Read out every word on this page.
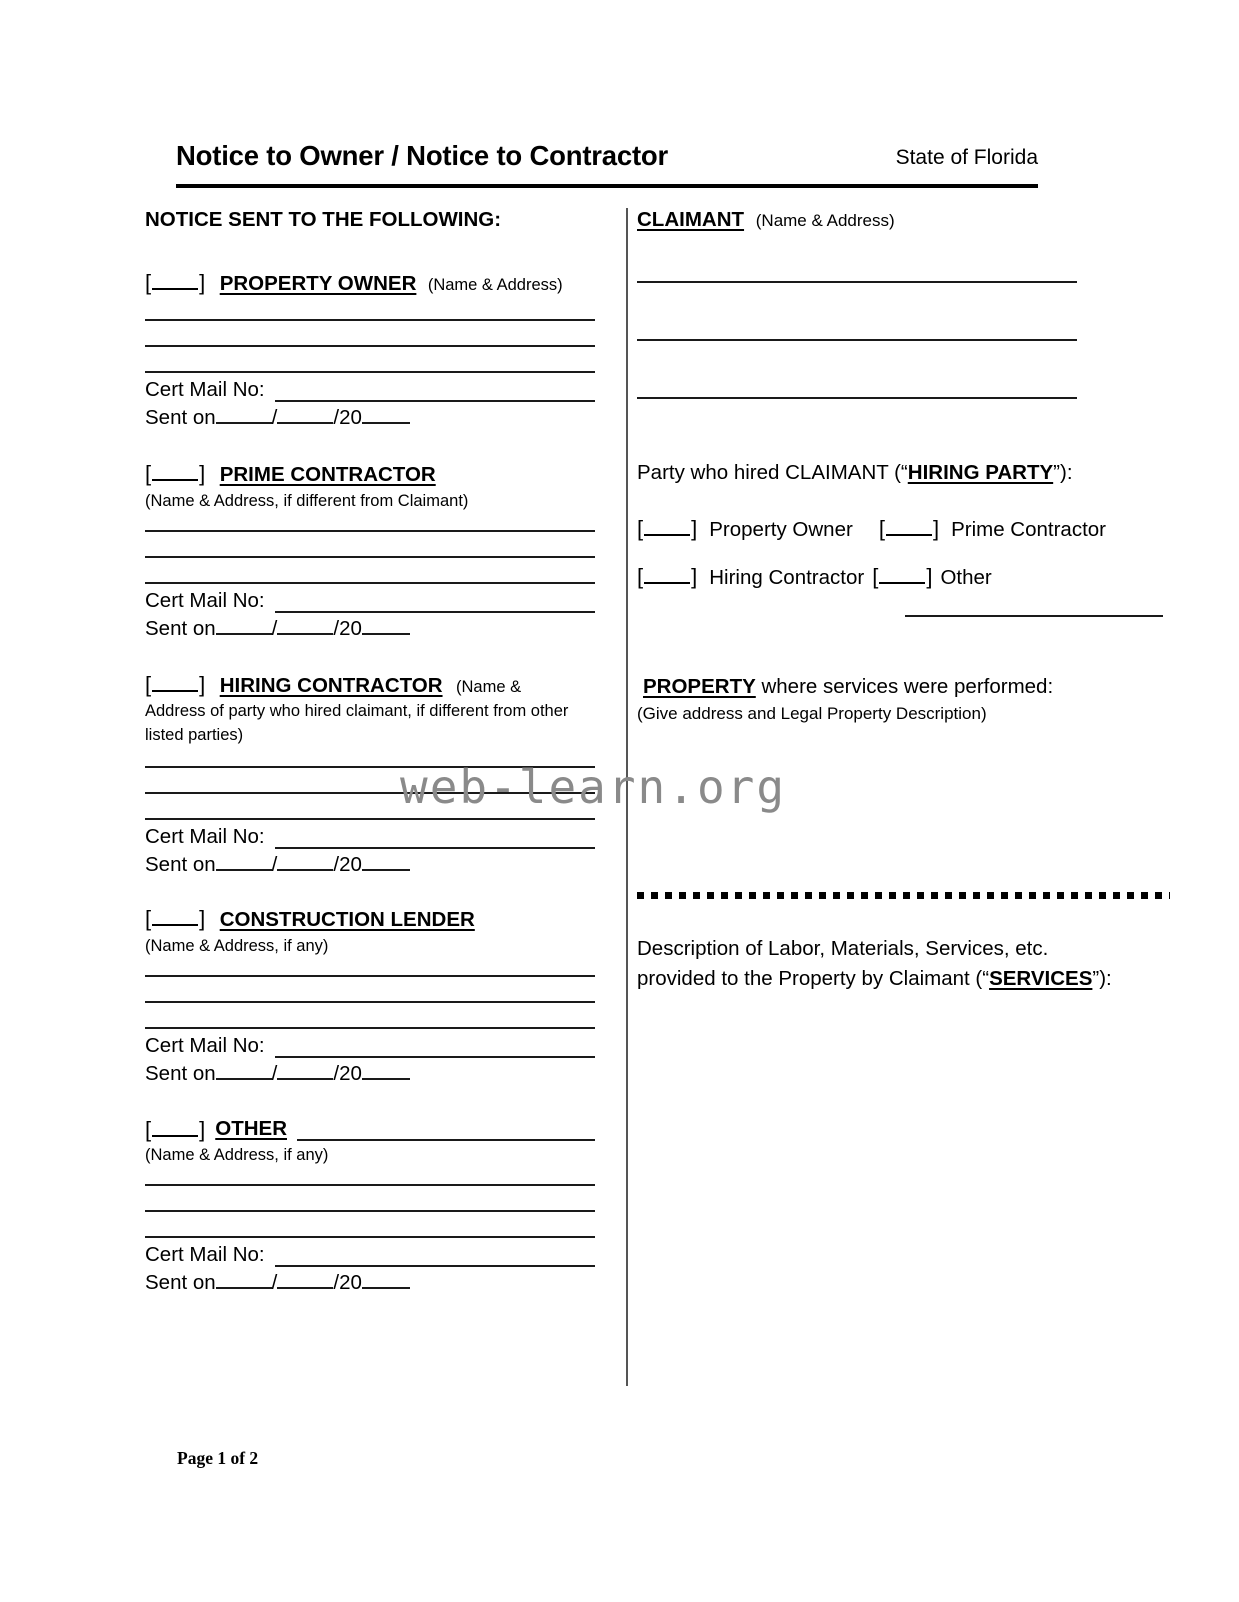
Notice to Owner / Notice to Contractor	State of Florida
NOTICE SENT TO THE FOLLOWING:
[ ] PROPERTY OWNER (Name & Address)
Cert Mail No:
Sent on	/	/20
[ ] PRIME CONTRACTOR
(Name & Address, if different from Claimant)
Cert Mail No:
Sent on	/	/20
[ ] HIRING CONTRACTOR (Name &
Address of party who hired claimant, if different from other listed parties)
Cert Mail No:
Sent on	/	/20
[ ] CONSTRUCTION LENDER
(Name & Address, if any)
Cert Mail No:
Sent on	/	/20
[ ] OTHER
(Name & Address, if any)
Cert Mail No:
Sent on	/	/20
CLAIMANT (Name & Address)
Party who hired CLAIMANT (“HIRING PARTY”):
[ ] Property Owner [ ] Prime Contractor
[ ] Hiring Contractor [ ] Other
PROPERTY where services were performed:
(Give address and Legal Property Description)
Description of Labor, Materials, Services, etc.
provided to the Property by Claimant (“SERVICES”):
web-learn.org
Page 1 of 2
